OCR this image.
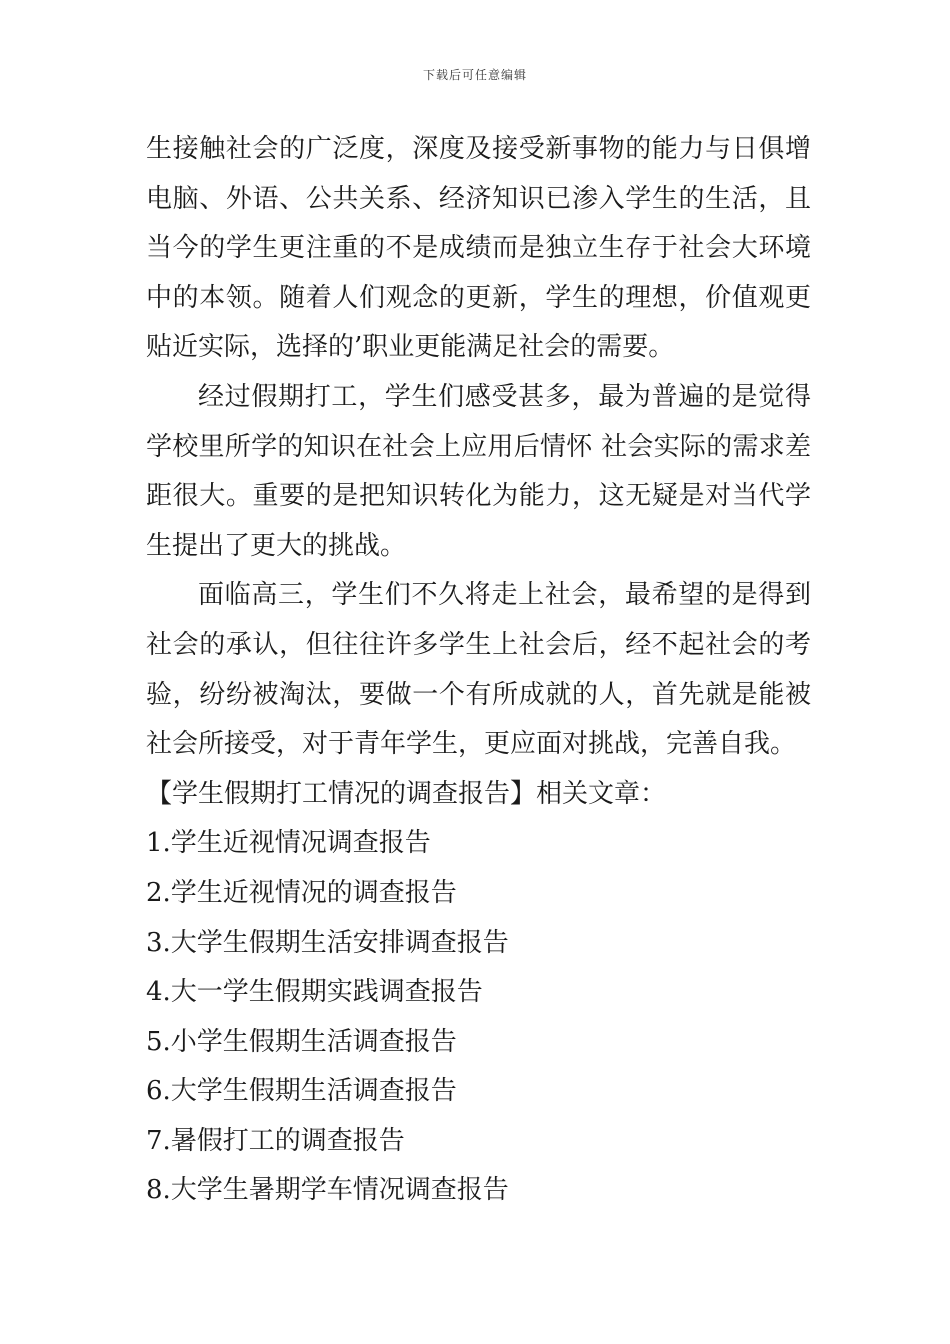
下载后可任意编辑

生接触社会的广泛度，深度及接受新事物的能力与日俱增电脑、外语、公共关系、经济知识已渗入学生的生活，且当今的学生更注重的不是成绩而是独立生存于社会大环境中的本领。随着人们观念的更新，学生的理想，价值观更贴近实际，选择的’职业更能满足社会的需要。

经过假期打工，学生们感受甚多，最为普遍的是觉得学校里所学的知识在社会上应用后情怀 社会实际的需求差距很大。重要的是把知识转化为能力，这无疑是对当代学生提出了更大的挑战。

面临高三，学生们不久将走上社会，最希望的是得到社会的承认，但往往许多学生上社会后，经不起社会的考验，纷纷被淘汰，要做一个有所成就的人，首先就是能被社会所接受，对于青年学生，更应面对挑战，完善自我。

【学生假期打工情况的调查报告】相关文章：

1.学生近视情况调查报告
2.学生近视情况的调查报告
3.大学生假期生活安排调查报告
4.大一学生假期实践调查报告
5.小学生假期生活调查报告
6.大学生假期生活调查报告
7.暑假打工的调查报告
8.大学生暑期学车情况调查报告
